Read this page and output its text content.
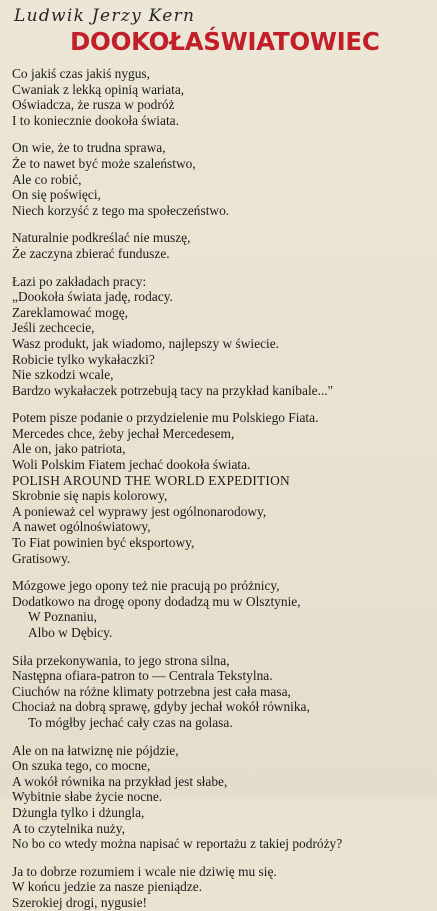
Ludwik Jerzy Kern
DOOKOŁAŚWIATOWIEC
Co jakiś czas jakiś nygus,
Cwaniak z lekką opinią wariata,
Oświadcza, że rusza w podróż
I to koniecznie dookoła świata.
On wie, że to trudna sprawa,
Że to nawet być może szaleństwo,
Ale co robić,
On się poświęci,
Niech korzyść z tego ma społeczeństwo.
Naturalnie podkreślać nie muszę,
Że zaczyna zbierać fundusze.
Łazi po zakładach pracy:
„Dookoła świata jadę, rodacy.
Zareklamować mogę,
Jeśli zechcecie,
Wasz produkt, jak wiadomo, najlepszy w świecie.
Robicie tylko wykałaczki?
Nie szkodzi wcale,
Bardzo wykałaczek potrzebują tacy na przykład kanibale..."
Potem pisze podanie o przydzielenie mu Polskiego Fiata.
Mercedes chce, żeby jechał Mercedesem,
Ale on, jako patriota,
Woli Polskim Fiatem jechać dookoła świata.
POLISH AROUND THE WORLD EXPEDITION
Skrobnie się napis kolorowy,
A ponieważ cel wyprawy jest ogólnonarodowy,
A nawet ogólnoświatowy,
To Fiat powinien być eksportowy,
Gratisowy.
Mózgowe jego opony też nie pracują po próżnicy,
Dodatkowo na drogę opony dodadzą mu w Olsztynie,
W Poznaniu,
Albo w Dębicy.
Siła przekonywania, to jego strona silna,
Następna ofiara-patron to — Centrala Tekstylna.
Ciuchów na różne klimaty potrzebna jest cała masa,
Chociaż na dobrą sprawę, gdyby jechał wokół równika,
To mógłby jechać cały czas na golasa.
Ale on na łatwiznę nie pójdzie,
On szuka tego, co mocne,
A wokół równika na przykład jest słabe,
Wybitnie słabe życie nocne.
Dżungla tylko i dżungla,
A to czytelnika nuży,
No bo co wtedy można napisać w reportażu z takiej podróży?
Ja to dobrze rozumiem i wcale nie dziwię mu się.
W końcu jedzie za nasze pieniądze.
Szerokiej drogi, nygusie!
